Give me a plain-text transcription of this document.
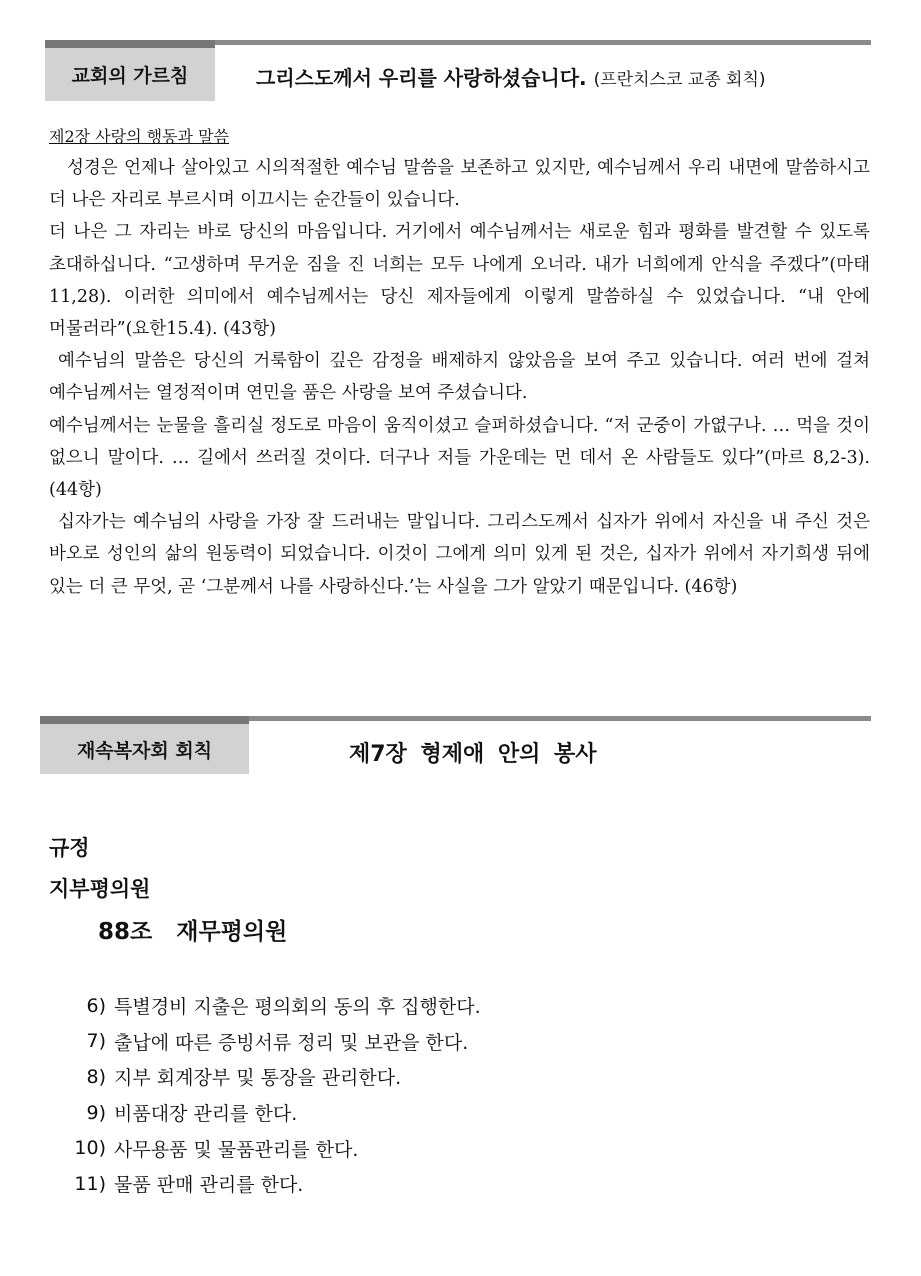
교회의 가르침	그리스도께서 우리를 사랑하셨습니다. (프란치스코 교종 회칙)
제2장 사랑의 행동과 말씀

성경은 언제나 살아있고 시의적절한 예수님 말씀을 보존하고 있지만, 예수님께서 우리 내면에 말씀하시고 더 나은 자리로 부르시며 이끄시는 순간들이 있습니다.

더 나은 그 자리는 바로 당신의 마음입니다. 거기에서 예수님께서는 새로운 힘과 평화를 발견할 수 있도록 초대하십니다. “고생하며 무거운 짐을 진 너희는 모두 나에게 오너라. 내가 너희에게 안식을 주겠다”(마태 11,28). 이러한 의미에서 예수님께서는 당신 제자들에게 이렇게 말씀하실 수 있었습니다. “내 안에 머물러라”(요한15.4). (43항)

예수님의 말씀은 당신의 거룩함이 깊은 감정을 배제하지 않았음을 보여 주고 있습니다. 여러 번에 걸쳐 예수님께서는 열정적이며 연민을 품은 사랑을 보여 주셨습니다.

예수님께서는 눈물을 흘리실 정도로 마음이 움직이셨고 슬퍼하셨습니다. “저 군중이 가엾구나. … 먹을 것이 없으니 말이다. … 길에서 쓰러질 것이다. 더구나 저들 가운데는 먼 데서 온 사람들도 있다”(마르 8,2-3). (44항)

십자가는 예수님의 사랑을 가장 잘 드러내는 말입니다. 그리스도께서 십자가 위에서 자신을 내 주신 것은 바오로 성인의 삶의 원동력이 되었습니다. 이것이 그에게 의미 있게 된 것은, 십자가 위에서 자기희생 뒤에 있는 더 큰 무엇, 곧 ‘그분께서 나를 사랑하신다.’는 사실을 그가 알았기 때문입니다. (46항)

재속복자회 회칙	제7장 형제애 안의 봉사
규정
지부평의원
88조   재무평의원
6) 특별경비 지출은 평의회의 동의 후 집행한다.
7) 출납에 따른 증빙서류 정리 및 보관을 한다.
8) 지부 회계장부 및 통장을 관리한다.
9) 비품대장 관리를 한다.
10) 사무용품 및 물품관리를 한다.
11) 물품 판매 관리를 한다.
